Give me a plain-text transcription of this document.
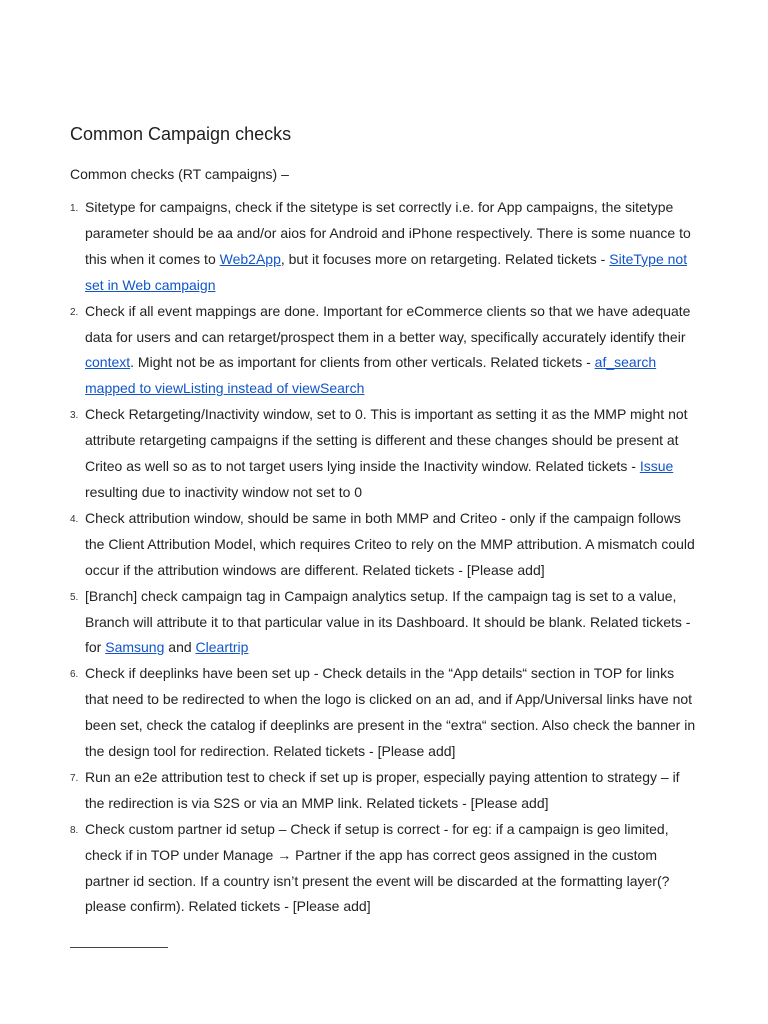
Common Campaign checks

Common checks (RT campaigns) –

1. Sitetype for campaigns, check if the sitetype is set correctly i.e. for App campaigns, the sitetype parameter should be aa and/or aios for Android and iPhone respectively. There is some nuance to this when it comes to Web2App, but it focuses more on retargeting. Related tickets - SiteType not set in Web campaign
2. Check if all event mappings are done. Important for eCommerce clients so that we have adequate data for users and can retarget/prospect them in a better way, specifically accurately identify their context. Might not be as important for clients from other verticals. Related tickets - af_search mapped to viewListing instead of viewSearch
3. Check Retargeting/Inactivity window, set to 0. This is important as setting it as the MMP might not attribute retargeting campaigns if the setting is different and these changes should be present at Criteo as well so as to not target users lying inside the Inactivity window. Related tickets - Issue resulting due to inactivity window not set to 0
4. Check attribution window, should be same in both MMP and Criteo - only if the campaign follows the Client Attribution Model, which requires Criteo to rely on the MMP attribution. A mismatch could occur if the attribution windows are different. Related tickets - [Please add]
5. [Branch] check campaign tag in Campaign analytics setup. If the campaign tag is set to a value, Branch will attribute it to that particular value in its Dashboard. It should be blank. Related tickets - for Samsung and Cleartrip
6. Check if deeplinks have been set up - Check details in the “App details“ section in TOP for links that need to be redirected to when the logo is clicked on an ad, and if App/Universal links have not been set, check the catalog if deeplinks are present in the “extra“ section. Also check the banner in the design tool for redirection. Related tickets - [Please add]
7. Run an e2e attribution test to check if set up is proper, especially paying attention to strategy – if the redirection is via S2S or via an MMP link. Related tickets - [Please add]
8. Check custom partner id setup – Check if setup is correct - for eg: if a campaign is geo limited, check if in TOP under Manage → Partner if the app has correct geos assigned in the custom partner id section. If a country isn’t present the event will be discarded at the formatting layer(? please confirm). Related tickets - [Please add]
